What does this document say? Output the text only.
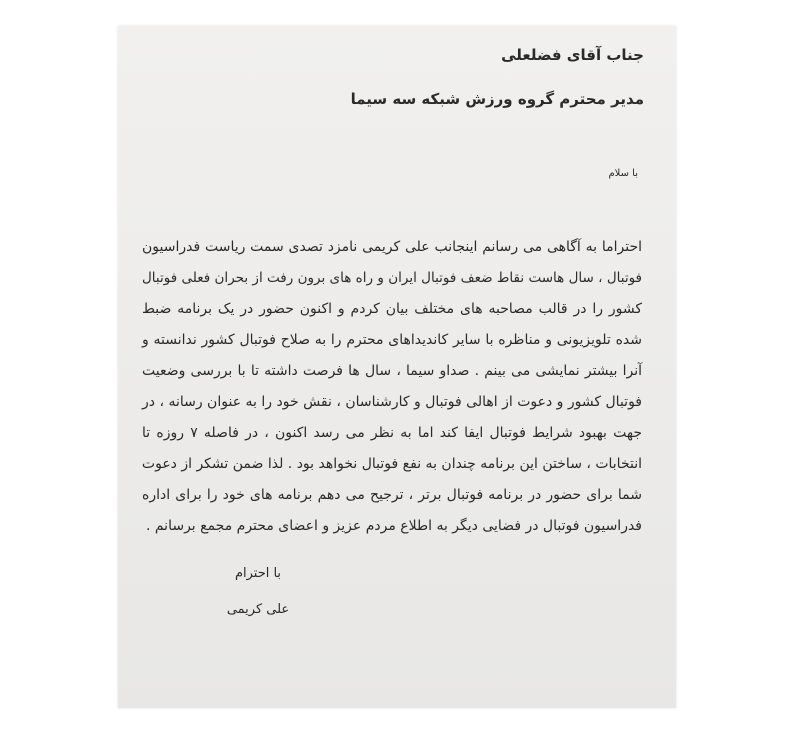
جناب آقای فضلعلی
مدیر محترم گروه ورزش شبکه سه سیما
با سلام
احتراما به آگاهی می رسانم اینجانب علی کریمی نامزد تصدی سمت ریاست فدراسیون
فوتبال ، سال هاست نقاط ضعف فوتبال ایران و راه های برون رفت از بحران فعلی فوتبال
کشور را در قالب مصاحبه های مختلف بیان کردم و اکنون حضور در یک برنامه ضبط
شده تلویزیونی و مناظره با سایر کاندیداهای محترم را به صلاح فوتبال کشور ندانسته و
آنرا بیشتر نمایشی می بینم . صداو سیما ، سال ها فرصت داشته تا با بررسی وضعیت
فوتبال کشور و دعوت از اهالی فوتبال و کارشناسان ، نقش خود را به عنوان رسانه ، در
جهت بهبود شرایط فوتبال ایفا کند اما به نظر می رسد اکنون ، در فاصله ۷ روزه تا
انتخابات ، ساختن این برنامه چندان به نفع فوتبال نخواهد بود . لذا ضمن تشکر از دعوت
شما برای حضور در برنامه فوتبال برتر ، ترجیح می دهم برنامه های خود را برای اداره
فدراسیون فوتبال در فضایی دیگر به اطلاع مردم عزیز و اعضای محترم مجمع برسانم .
با احترام
علی کریمی
